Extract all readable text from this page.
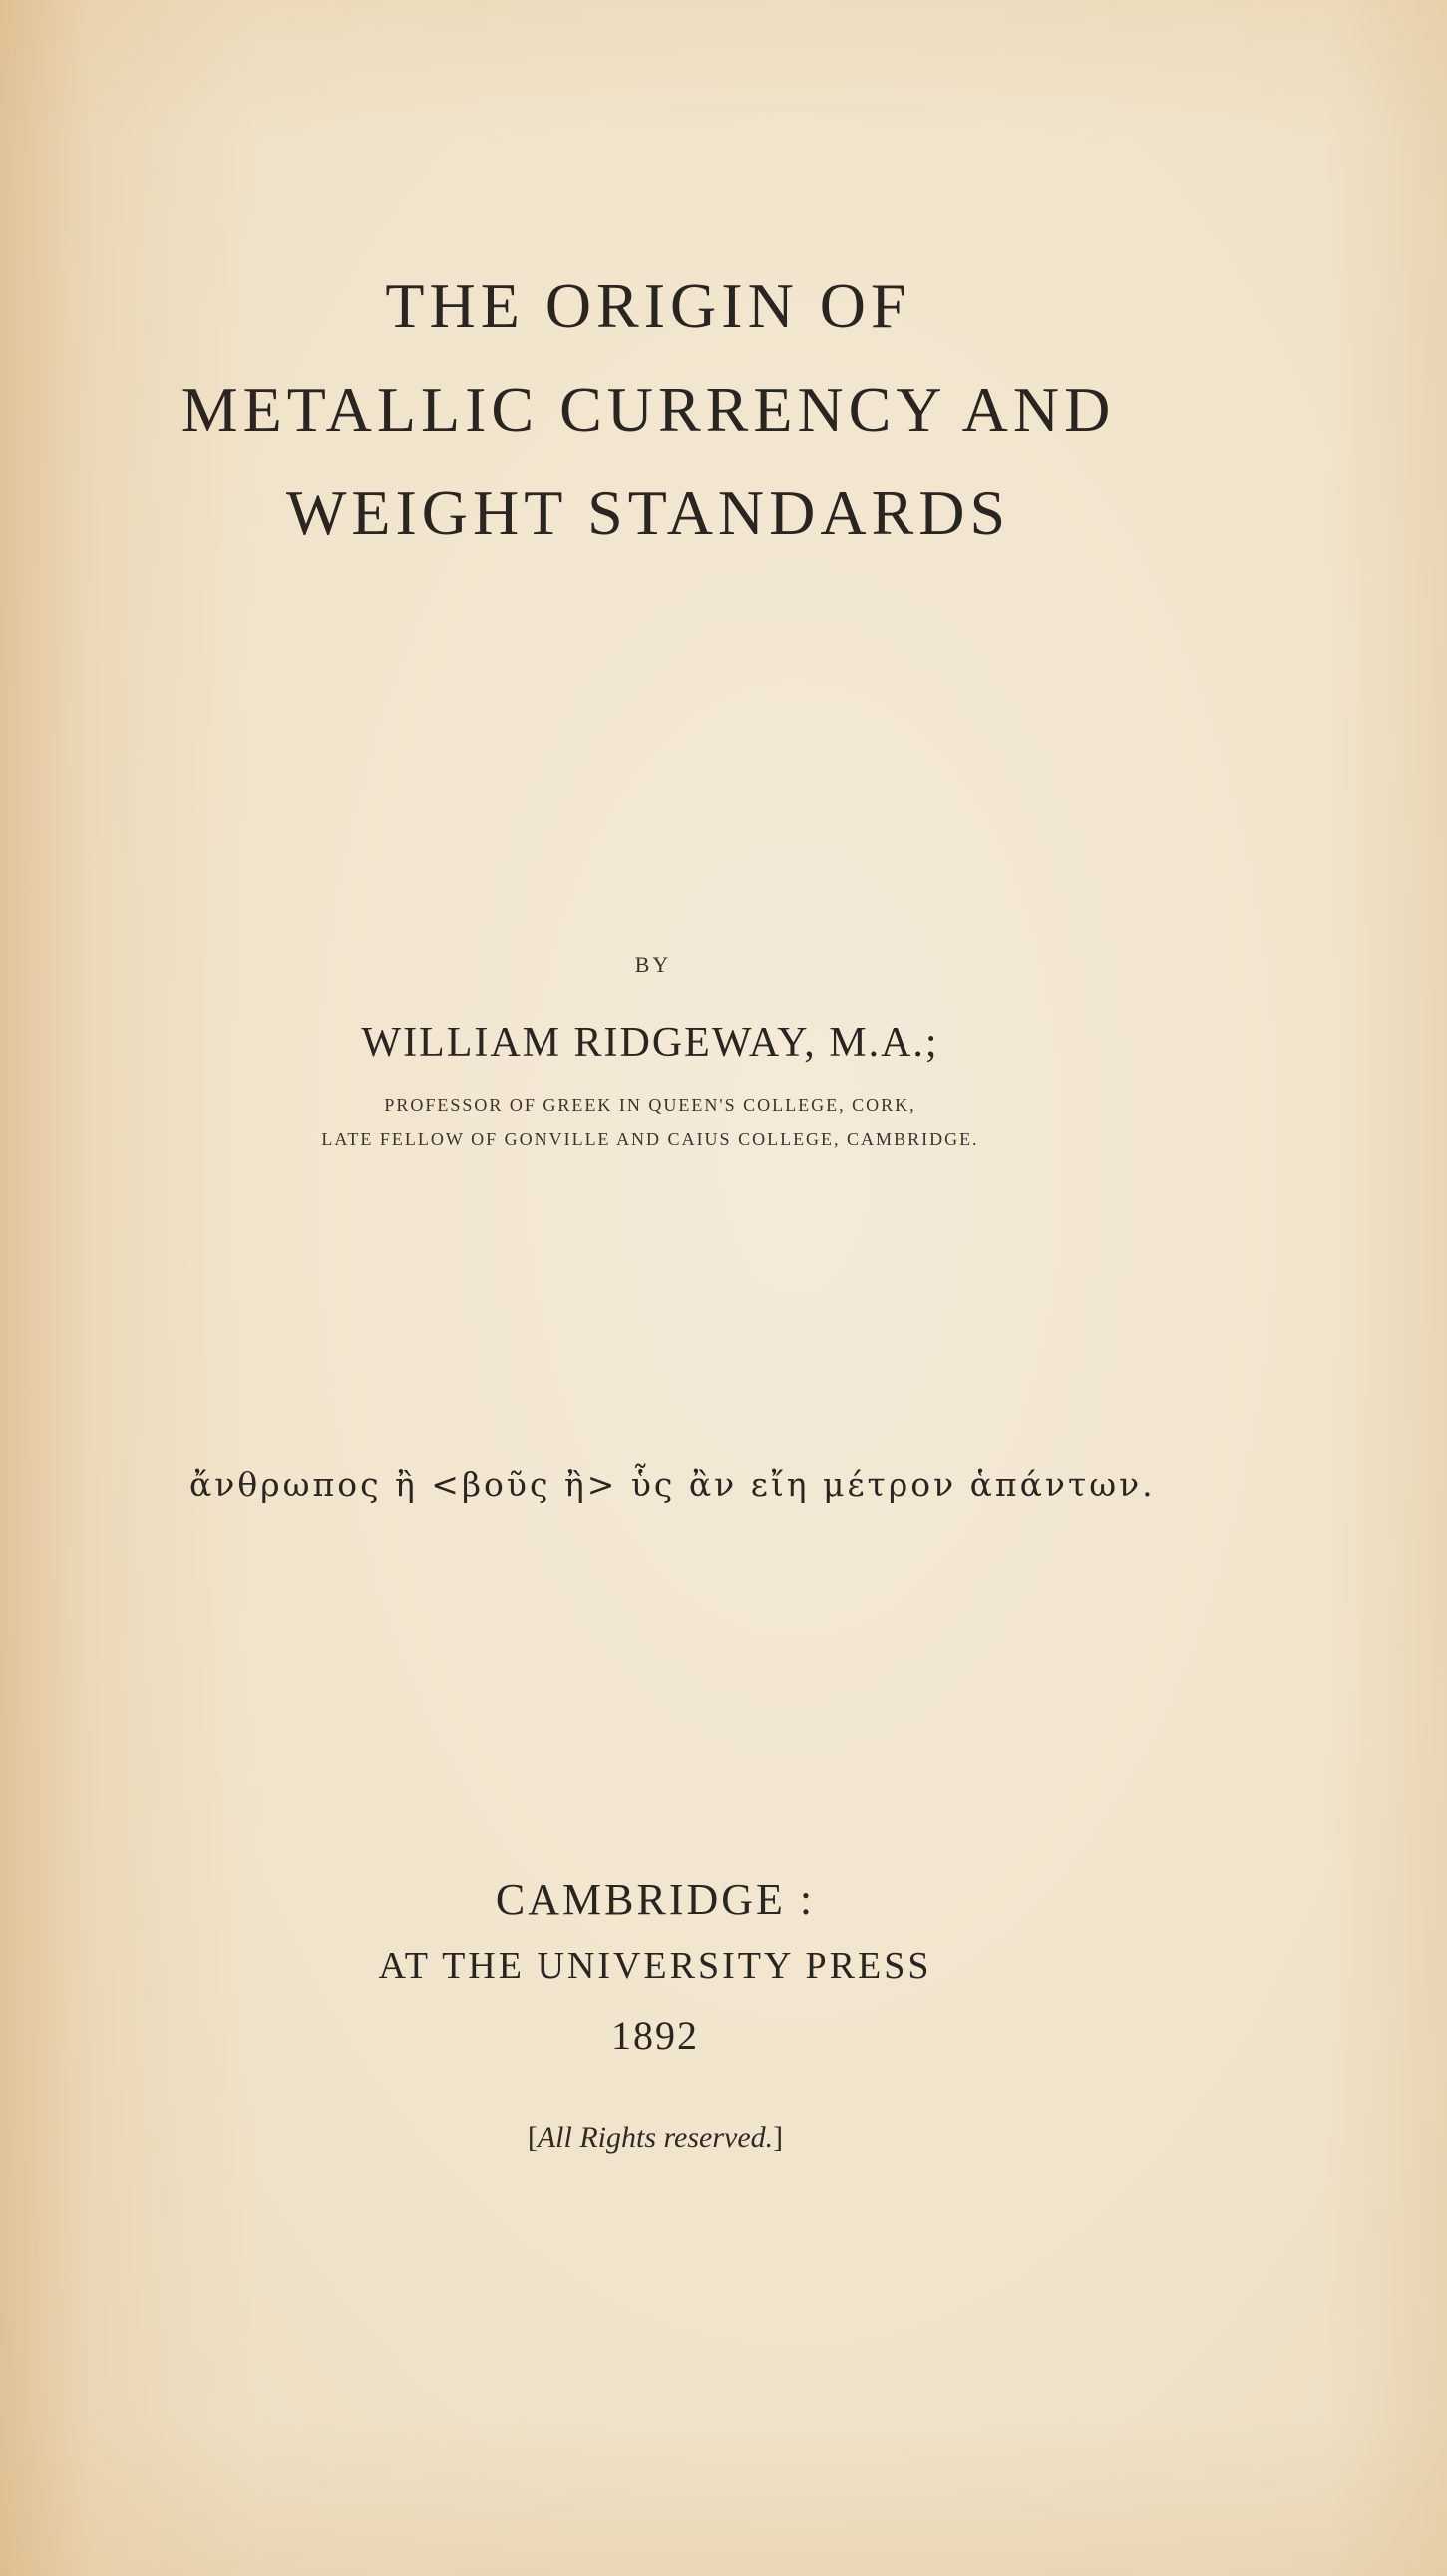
THE ORIGIN OF
METALLIC CURRENCY AND
WEIGHT STANDARDS
BY
WILLIAM RIDGEWAY, M.A.;
PROFESSOR OF GREEK IN QUEEN'S COLLEGE, CORK,
LATE FELLOW OF GONVILLE AND CAIUS COLLEGE, CAMBRIDGE.
ἄνθρωπος ἢ <βοῦς ἢ> ὗς ἂν εἴη μέτρον ἁπάντων.
CAMBRIDGE :
AT THE UNIVERSITY PRESS
1892
[All Rights reserved.]
